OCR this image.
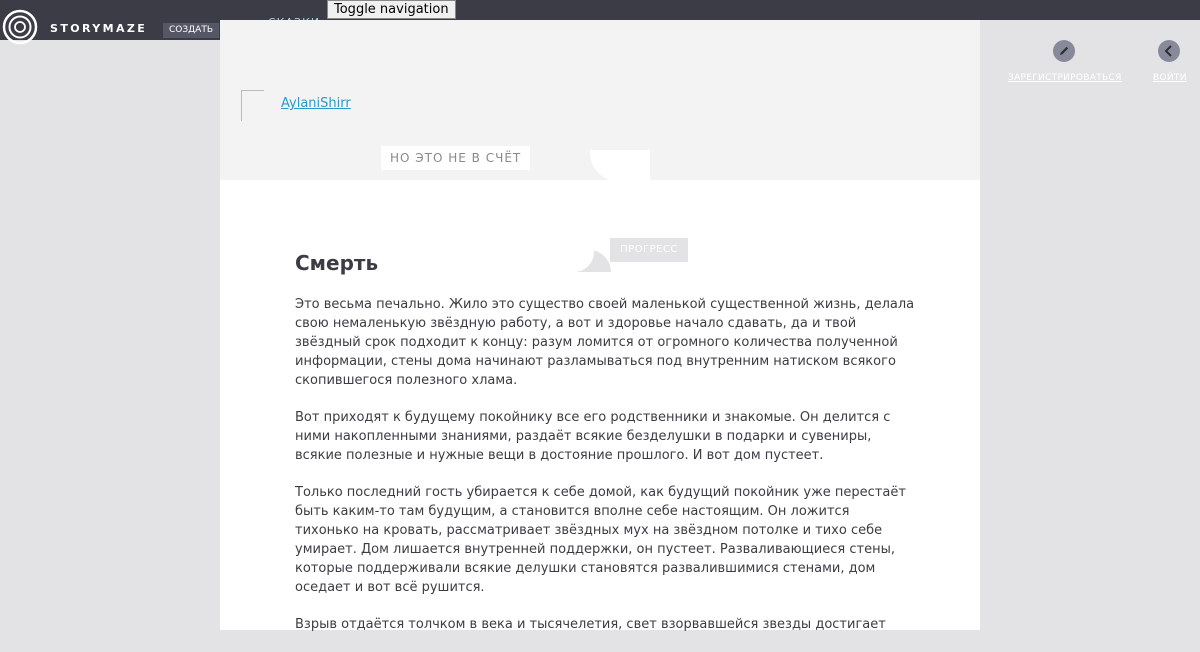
STORYMAZE	СОЗДАТЬ
Toggle navigation
AylaniShirr
НО ЭТО НЕ В СЧЁТ
ПРОГРЕСС
Смерть

Это весьма печально. Жило это существо своей маленькой существенной жизнь, делала свою немаленькую звёздную работу, а вот и здоровье начало сдавать, да и твой звёздный срок подходит к концу: разум ломится от огромного количества полученной информации, стены дома начинают разламываться под внутренним натиском всякого скопившегося полезного хлама.

Вот приходят к будущему покойнику все его родственники и знакомые. Он делится с ними накопленными знаниями, раздаёт всякие безделушки в подарки и сувениры, всякие полезные и нужные вещи в достояние прошлого. И вот дом пустеет.

Только последний гость убирается к себе домой, как будущий покойник уже перестаёт быть каким-то там будущим, а становится вполне себе настоящим. Он ложится тихонько на кровать, рассматривает звёздных мух на звёздном потолке и тихо себе умирает. Дом лишается внутренней поддержки, он пустеет. Разваливающиеся стены, которые поддерживали всякие делушки становятся развалившимися стенами, дом оседает и вот всё рушится.

Взрыв отдаётся толчком в века и тысячелетия, свет взорвавшейся звезды достигает

ЗАРЕГИСТРИРОВАТЬСЯ	ВОЙТИ
